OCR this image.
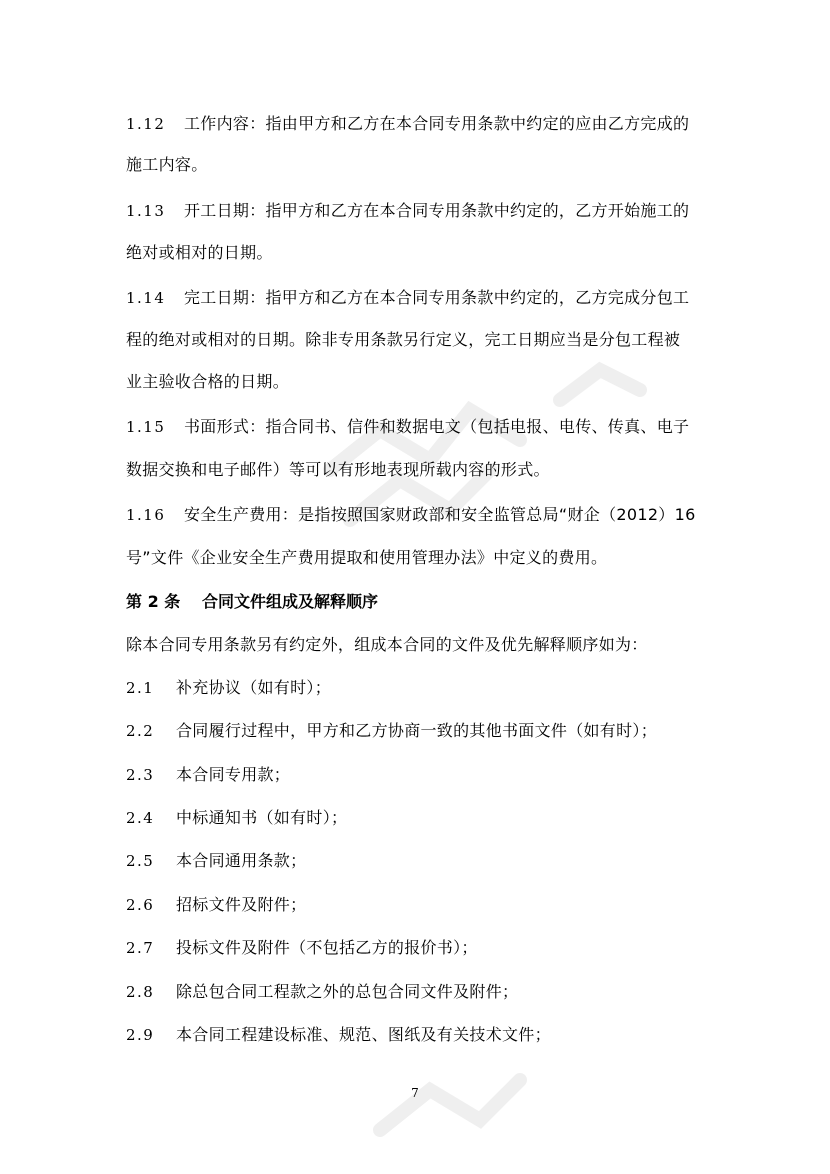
1.12 工作内容：指由甲方和乙方在本合同专用条款中约定的应由乙方完成的
施工内容。
1.13 开工日期：指甲方和乙方在本合同专用条款中约定的，乙方开始施工的
绝对或相对的日期。
1.14 完工日期：指甲方和乙方在本合同专用条款中约定的，乙方完成分包工
程的绝对或相对的日期。除非专用条款另行定义，完工日期应当是分包工程被
业主验收合格的日期。
1.15 书面形式：指合同书、信件和数据电文（包括电报、电传、传真、电子
数据交换和电子邮件）等可以有形地表现所载内容的形式。
1.16 安全生产费用：是指按照国家财政部和安全监管总局“财企（2012）16
号”文件《企业安全生产费用提取和使用管理办法》中定义的费用。
第 2 条 合同文件组成及解释顺序
除本合同专用条款另有约定外，组成本合同的文件及优先解释顺序如为：
2.1 补充协议（如有时）；
2.2 合同履行过程中，甲方和乙方协商一致的其他书面文件（如有时）；
2.3 本合同专用款；
2.4 中标通知书（如有时）；
2.5 本合同通用条款；
2.6 招标文件及附件；
2.7 投标文件及附件（不包括乙方的报价书）；
2.8 除总包合同工程款之外的总包合同文件及附件；
2.9 本合同工程建设标准、规范、图纸及有关技术文件；
7
